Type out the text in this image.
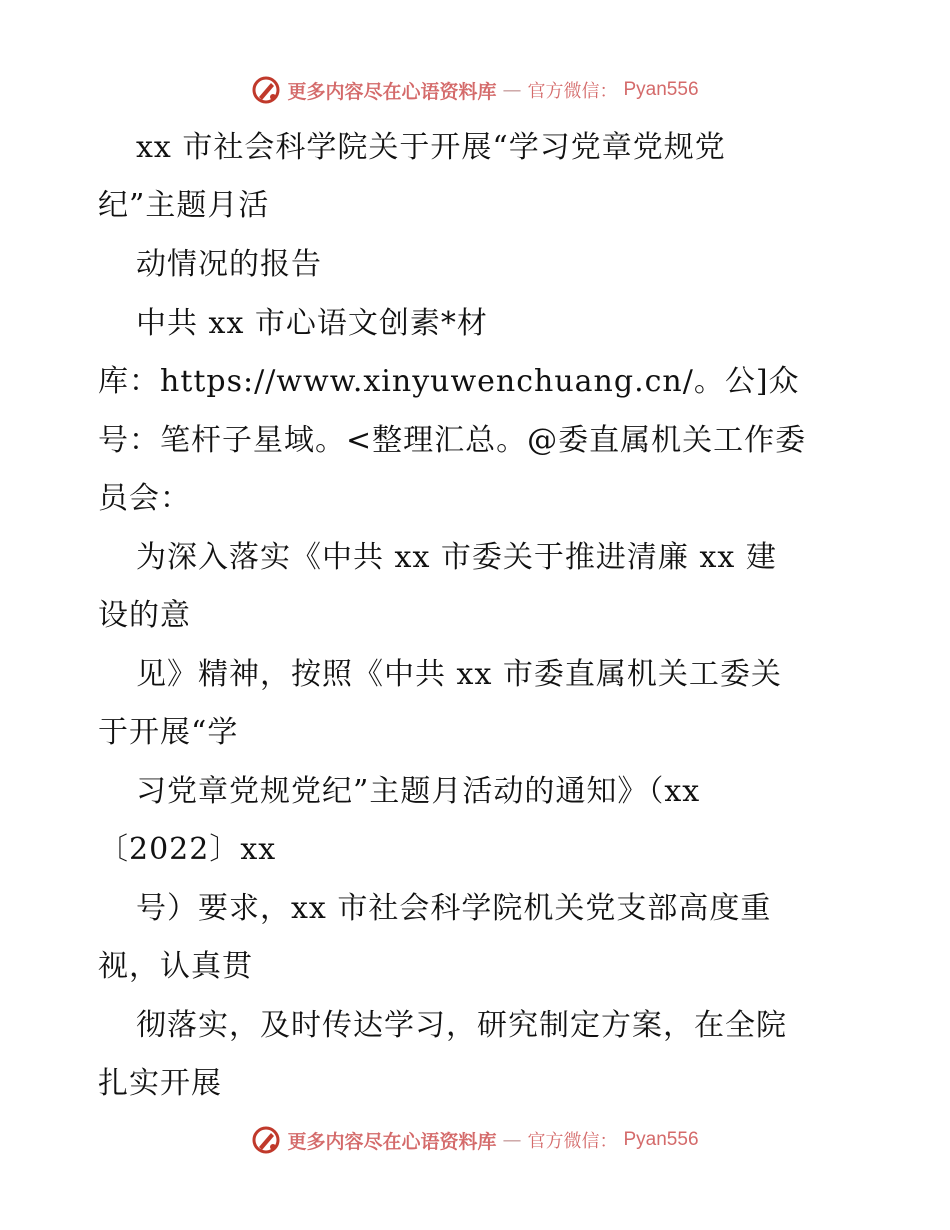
更多内容尽在心语资料库 — 官方微信： Pyan556
xx 市社会科学院关于开展“学习党章党规党
纪”主题月活
动情况的报告
中共 xx 市心语文创素*材
库：https://www.xinyuwenchuang.cn/。公]众
号：笔杆子星域。<整理汇总。@委直属机关工作委
员会：
为深入落实《中共 xx 市委关于推进清廉 xx 建
设的意
见》精神，按照《中共 xx 市委直属机关工委关
于开展“学
习党章党规党纪”主题月活动的通知》（xx
〔2022〕xx
号）要求，xx 市社会科学院机关党支部高度重
视，认真贯
彻落实，及时传达学习，研究制定方案，在全院
扎实开展
更多内容尽在心语资料库 — 官方微信： Pyan556
